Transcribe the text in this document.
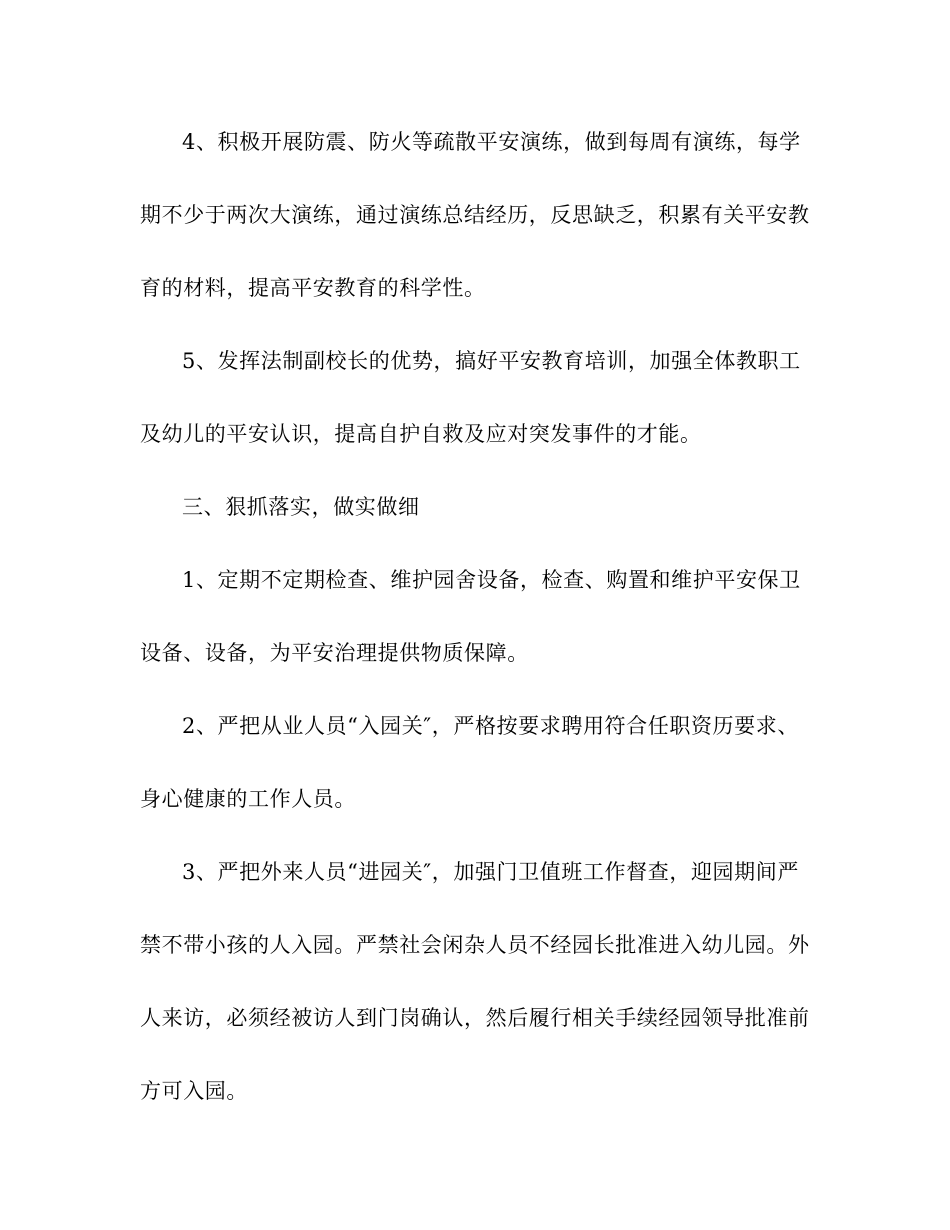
4、积极开展防震、防火等疏散平安演练，做到每周有演练，每学期不少于两次大演练，通过演练总结经历，反思缺乏，积累有关平安教育的材料，提高平安教育的科学性。

5、发挥法制副校长的优势，搞好平安教育培训，加强全体教职工及幼儿的平安认识，提高自护自救及应对突发事件的才能。

三、狠抓落实，做实做细

1、定期不定期检查、维护园舍设备，检查、购置和维护平安保卫设备、设备，为平安治理提供物质保障。

2、严把从业人员“入园关″，严格按要求聘用符合任职资历要求、身心健康的工作人员。

3、严把外来人员“进园关″，加强门卫值班工作督查，迎园期间严禁不带小孩的人入园。严禁社会闲杂人员不经园长批准进入幼儿园。外人来访，必须经被访人到门岗确认，然后履行相关手续经园领导批准前方可入园。
